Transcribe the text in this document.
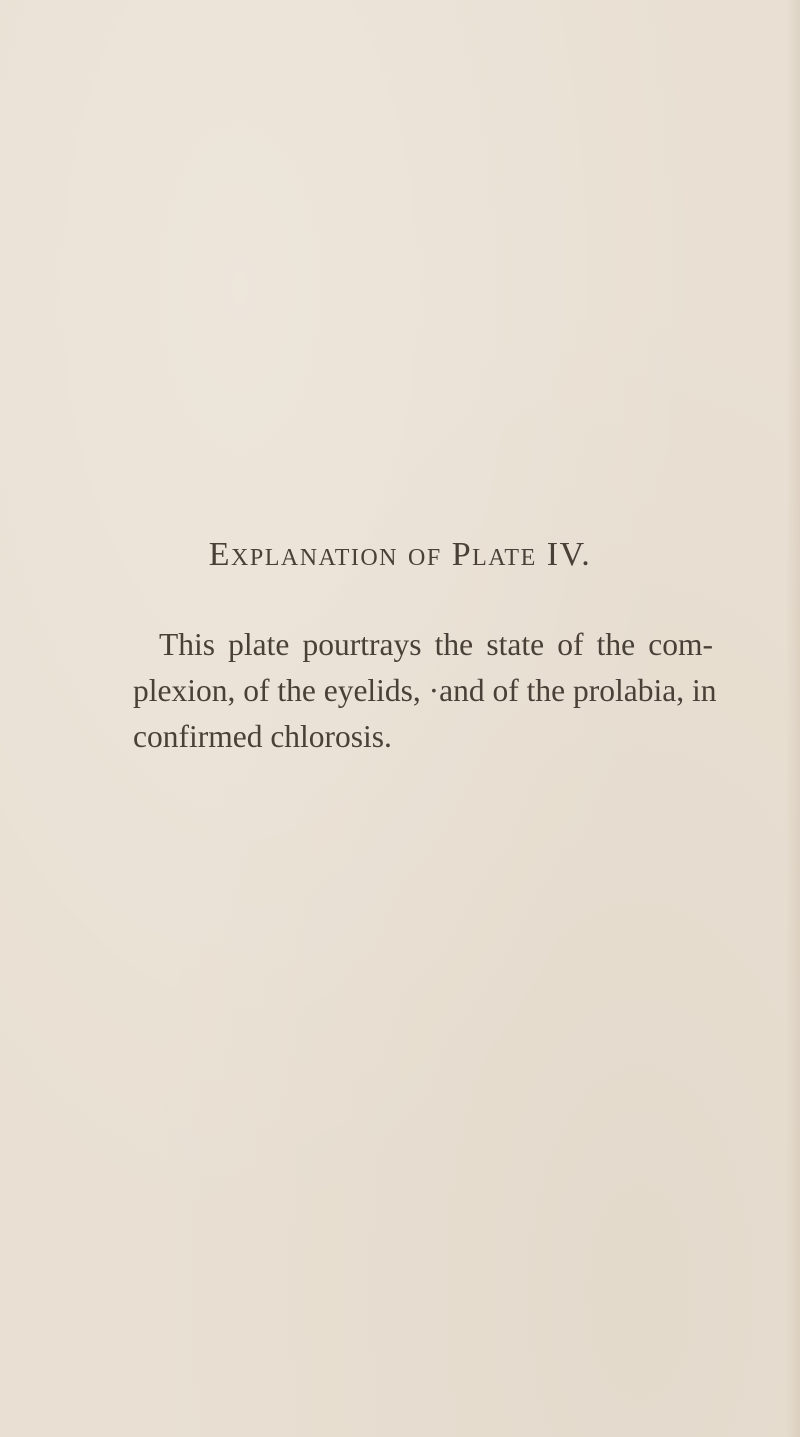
Explanation of Plate IV.
This plate pourtrays the state of the com-
plexion, of the eyelids, ·and of the prolabia, in
confirmed chlorosis.
